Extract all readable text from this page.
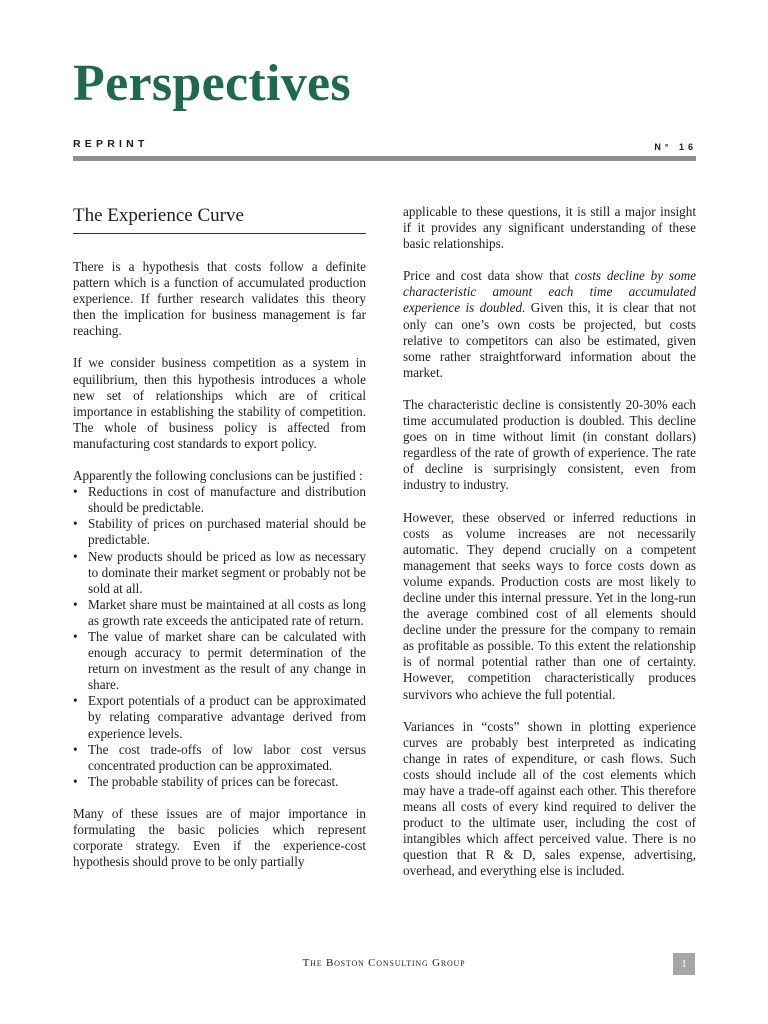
Perspectives
REPRINT	N° 16
The Experience Curve

There is a hypothesis that costs follow a definite pattern which is a function of accumulated production experience. If further research validates this theory then the implication for business management is far reaching.

If we consider business competition as a system in equilibrium, then this hypothesis introduces a whole new set of relationships which are of critical importance in establishing the stability of competition. The whole of business policy is affected from manufacturing cost standards to export policy.

Apparently the following conclusions can be justified :

• Reductions in cost of manufacture and distribution should be predictable.
• Stability of prices on purchased material should be predictable.
• New products should be priced as low as necessary to dominate their market segment or probably not be sold at all.
• Market share must be maintained at all costs as long as growth rate exceeds the anticipated rate of return.
• The value of market share can be calculated with enough accuracy to permit determination of the return on investment as the result of any change in share.
• Export potentials of a product can be approximated by relating comparative advantage derived from experience levels.
• The cost trade-offs of low labor cost versus concentrated production can be approximated.
• The probable stability of prices can be forecast.

Many of these issues are of major importance in formulating the basic policies which represent corporate strategy. Even if the experience-cost hypothesis should prove to be only partially

applicable to these questions, it is still a major insight if it provides any significant understanding of these basic relationships.

Price and cost data show that costs decline by some characteristic amount each time accumulated experience is doubled. Given this, it is clear that not only can one’s own costs be projected, but costs relative to competitors can also be estimated, given some rather straightforward information about the market.

The characteristic decline is consistently 20-30% each time accumulated production is doubled. This decline goes on in time without limit (in constant dollars) regardless of the rate of growth of experience. The rate of decline is surprisingly consistent, even from industry to industry.

However, these observed or inferred reductions in costs as volume increases are not necessarily automatic. They depend crucially on a competent management that seeks ways to force costs down as volume expands. Production costs are most likely to decline under this internal pressure. Yet in the long-run the average combined cost of all elements should decline under the pressure for the company to remain as profitable as possible. To this extent the relationship is of normal potential rather than one of certainty. However, competition characteristically produces survivors who achieve the full potential.

Variances in “costs” shown in plotting experience curves are probably best interpreted as indicating change in rates of expenditure, or cash flows. Such costs should include all of the cost elements which may have a trade-off against each other. This therefore means all costs of every kind required to deliver the product to the ultimate user, including the cost of intangibles which affect perceived value. There is no question that R & D, sales expense, advertising, overhead, and everything else is included.

The Boston Consulting Group	1
